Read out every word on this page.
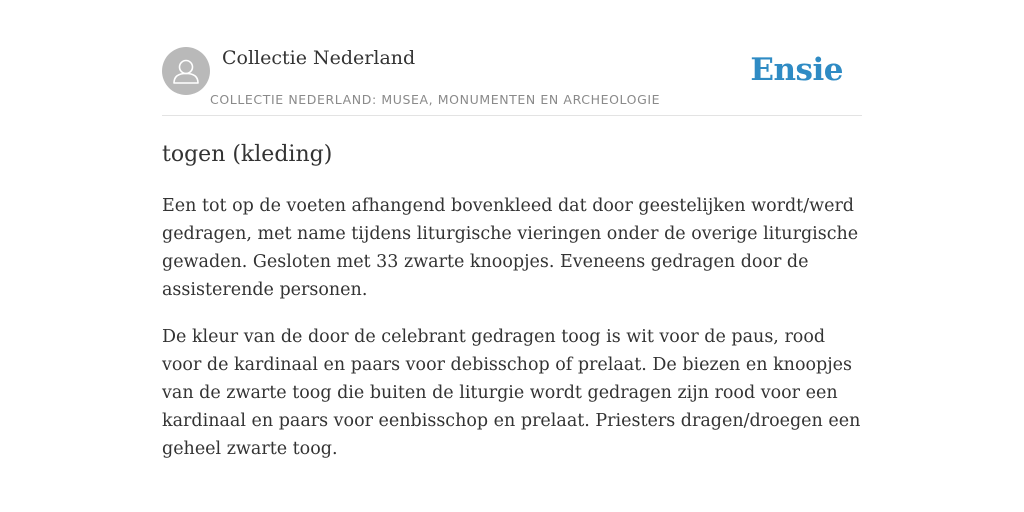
Collectie Nederland
COLLECTIE NEDERLAND: MUSEA, MONUMENTEN EN ARCHEOLOGIE
Ensie
togen (kleding)

Een tot op de voeten afhangend bovenkleed dat door geestelijken wordt/werd gedragen, met name tijdens liturgische vieringen onder de overige liturgische gewaden. Gesloten met 33 zwarte knoopjes. Eveneens gedragen door de assisterende personen.

De kleur van de door de celebrant gedragen toog is wit voor de paus, rood voor de kardinaal en paars voor debisschop of prelaat. De biezen en knoopjes van de zwarte toog die buiten de liturgie wordt gedragen zijn rood voor een kardinaal en paars voor eenbisschop en prelaat. Priesters dragen/droegen een geheel zwarte toog.
